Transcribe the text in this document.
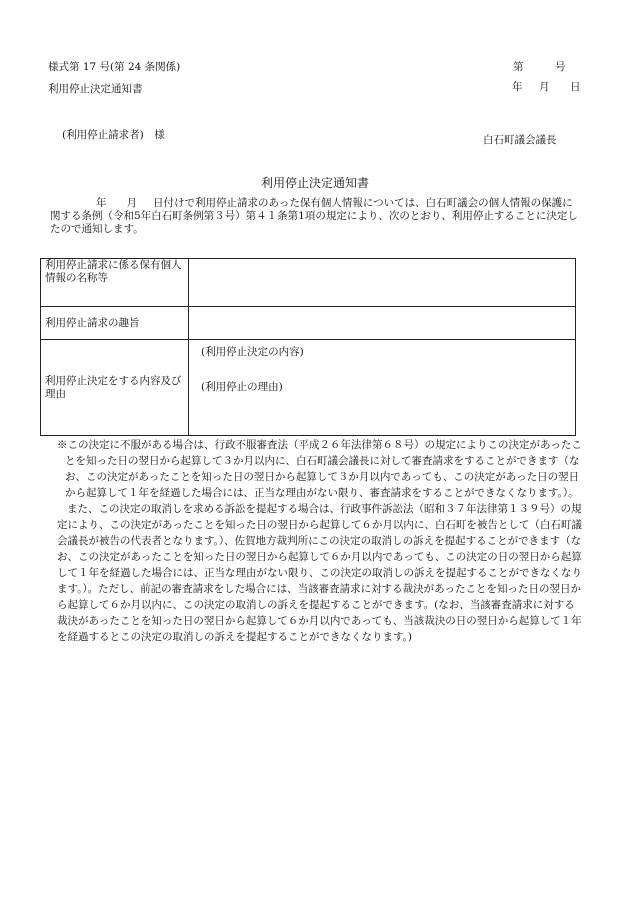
様式第 17 号(第 24 条関係)
利用停止決定通知書
第	号
年 月 日
(利用停止請求者)　様	白石町議会議長
利用停止決定通知書
年 月 日付けで利用停止請求のあった保有個人情報については、白石町議会の個人情報の保護に関する条例（令和5年白石町条例第３号）第４１条第1項の規定により、次のとおり、利用停止することに決定したので通知します。
利用停止請求に係る保有個人情報の名称等	
利用停止請求の趣旨	
利用停止決定をする内容及び理由	(利用停止決定の内容)
(利用停止の理由)

※この決定に不服がある場合は、行政不服審査法（平成２６年法律第６８号）の規定によりこの決定があったことを知った日の翌日から起算して３か月以内に、白石町議会議長に対して審査請求をすることができます（なお、この決定があったことを知った日の翌日から起算して３か月以内であっても、この決定があった日の翌日から起算して１年を経過した場合には、正当な理由がない限り、審査請求をすることができなくなります。）。

また、この決定の取消しを求める訴訟を提起する場合は、行政事件訴訟法（昭和３７年法律第１３９号）の規定により、この決定があったことを知った日の翌日から起算して６か月以内に、白石町を被告として（白石町議会議長が被告の代表者となります。）、佐賀地方裁判所にこの決定の取消しの訴えを提起することができます（なお、この決定があったことを知った日の翌日から起算して６か月以内であっても、この決定の日の翌日から起算して１年を経過した場合には、正当な理由がない限り、この決定の取消しの訴えを提起することができなくなります。）。ただし、前記の審査請求をした場合には、当該審査請求に対する裁決があったことを知った日の翌日から起算して６か月以内に、この決定の取消しの訴えを提起することができます。(なお、当該審査請求に対する裁決があったことを知った日の翌日から起算して６か月以内であっても、当該裁決の日の翌日から起算して１年を経過するとこの決定の取消しの訴えを提起することができなくなります。)
